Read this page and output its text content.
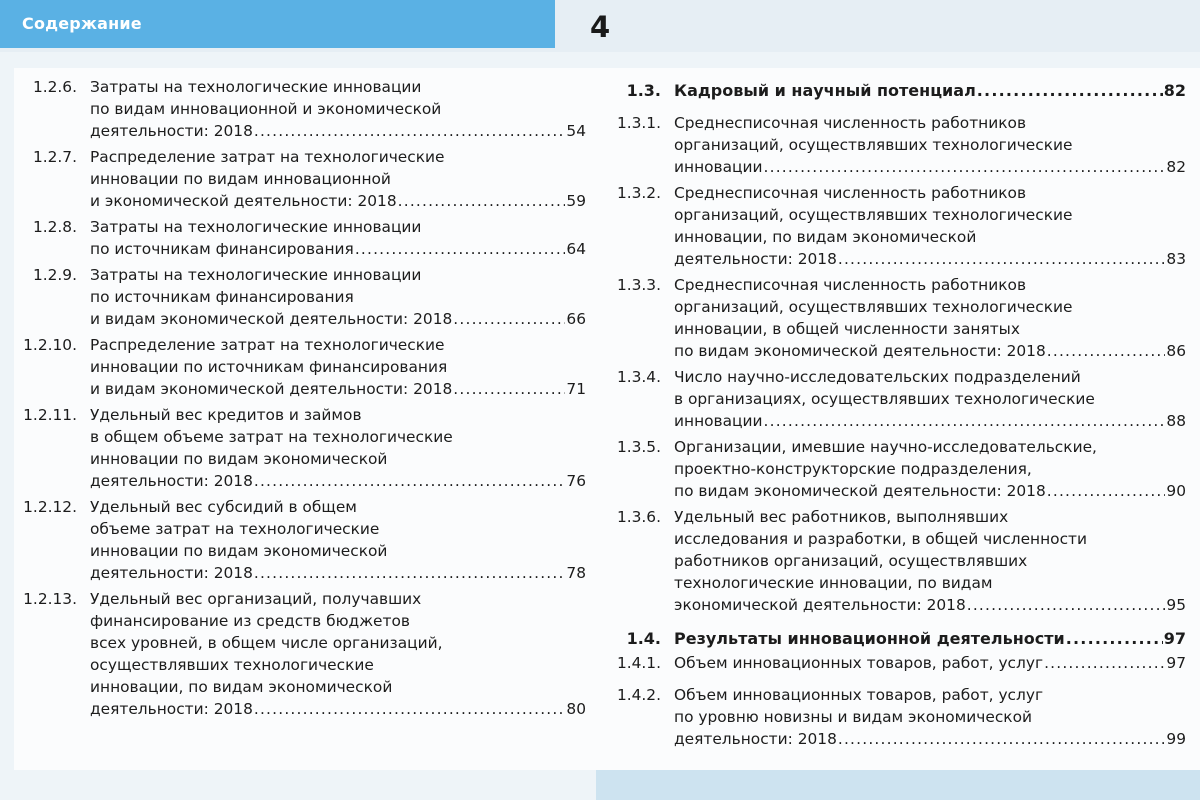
Содержание	4
1.2.6. Затраты на технологические инновации
по видам инновационной и экономической
деятельности: 2018 .....	54
1.2.7. Распределение затрат на технологические
инновации по видам инновационной
и экономической деятельности: 2018 .....	59
1.2.8. Затраты на технологические инновации
по источникам финансирования .....	64
1.2.9. Затраты на технологические инновации
по источникам финансирования
и видам экономической деятельности: 2018 .....	66
1.2.10. Распределение затрат на технологические
инновации по источникам финансирования
и видам экономической деятельности: 2018 .....	71
1.2.11. Удельный вес кредитов и займов
в общем объеме затрат на технологические
инновации по видам экономической
деятельности: 2018 .....	76
1.2.12. Удельный вес субсидий в общем
объеме затрат на технологические
инновации по видам экономической
деятельности: 2018 .....	78
1.2.13. Удельный вес организаций, получавших
финансирование из средств бюджетов
всех уровней, в общем числе организаций,
осуществлявших технологические
инновации, по видам экономической
деятельности: 2018 .....	80
1.3. Кадровый и научный потенциал .....	82
1.3.1. Среднесписочная численность работников
организаций, осуществлявших технологические
инновации .....	82
1.3.2. Среднесписочная численность работников
организаций, осуществлявших технологические
инновации, по видам экономической
деятельности: 2018 .....	83
1.3.3. Среднесписочная численность работников
организаций, осуществлявших технологические
инновации, в общей численности занятых
по видам экономической деятельности: 2018 .....	86
1.3.4. Число научно-исследовательских подразделений
в организациях, осуществлявших технологические
инновации .....	88
1.3.5. Организации, имевшие научно-исследовательские,
проектно-конструкторские подразделения,
по видам экономической деятельности: 2018 .....	90
1.3.6. Удельный вес работников, выполнявших
исследования и разработки, в общей численности
работников организаций, осуществлявших
технологические инновации, по видам
экономической деятельности: 2018 .....	95
1.4. Результаты инновационной деятельности .....	97
1.4.1. Объем инновационных товаров, работ, услуг .....	97
1.4.2. Объем инновационных товаров, работ, услуг
по уровню новизны и видам экономической
деятельности: 2018 .....	99
